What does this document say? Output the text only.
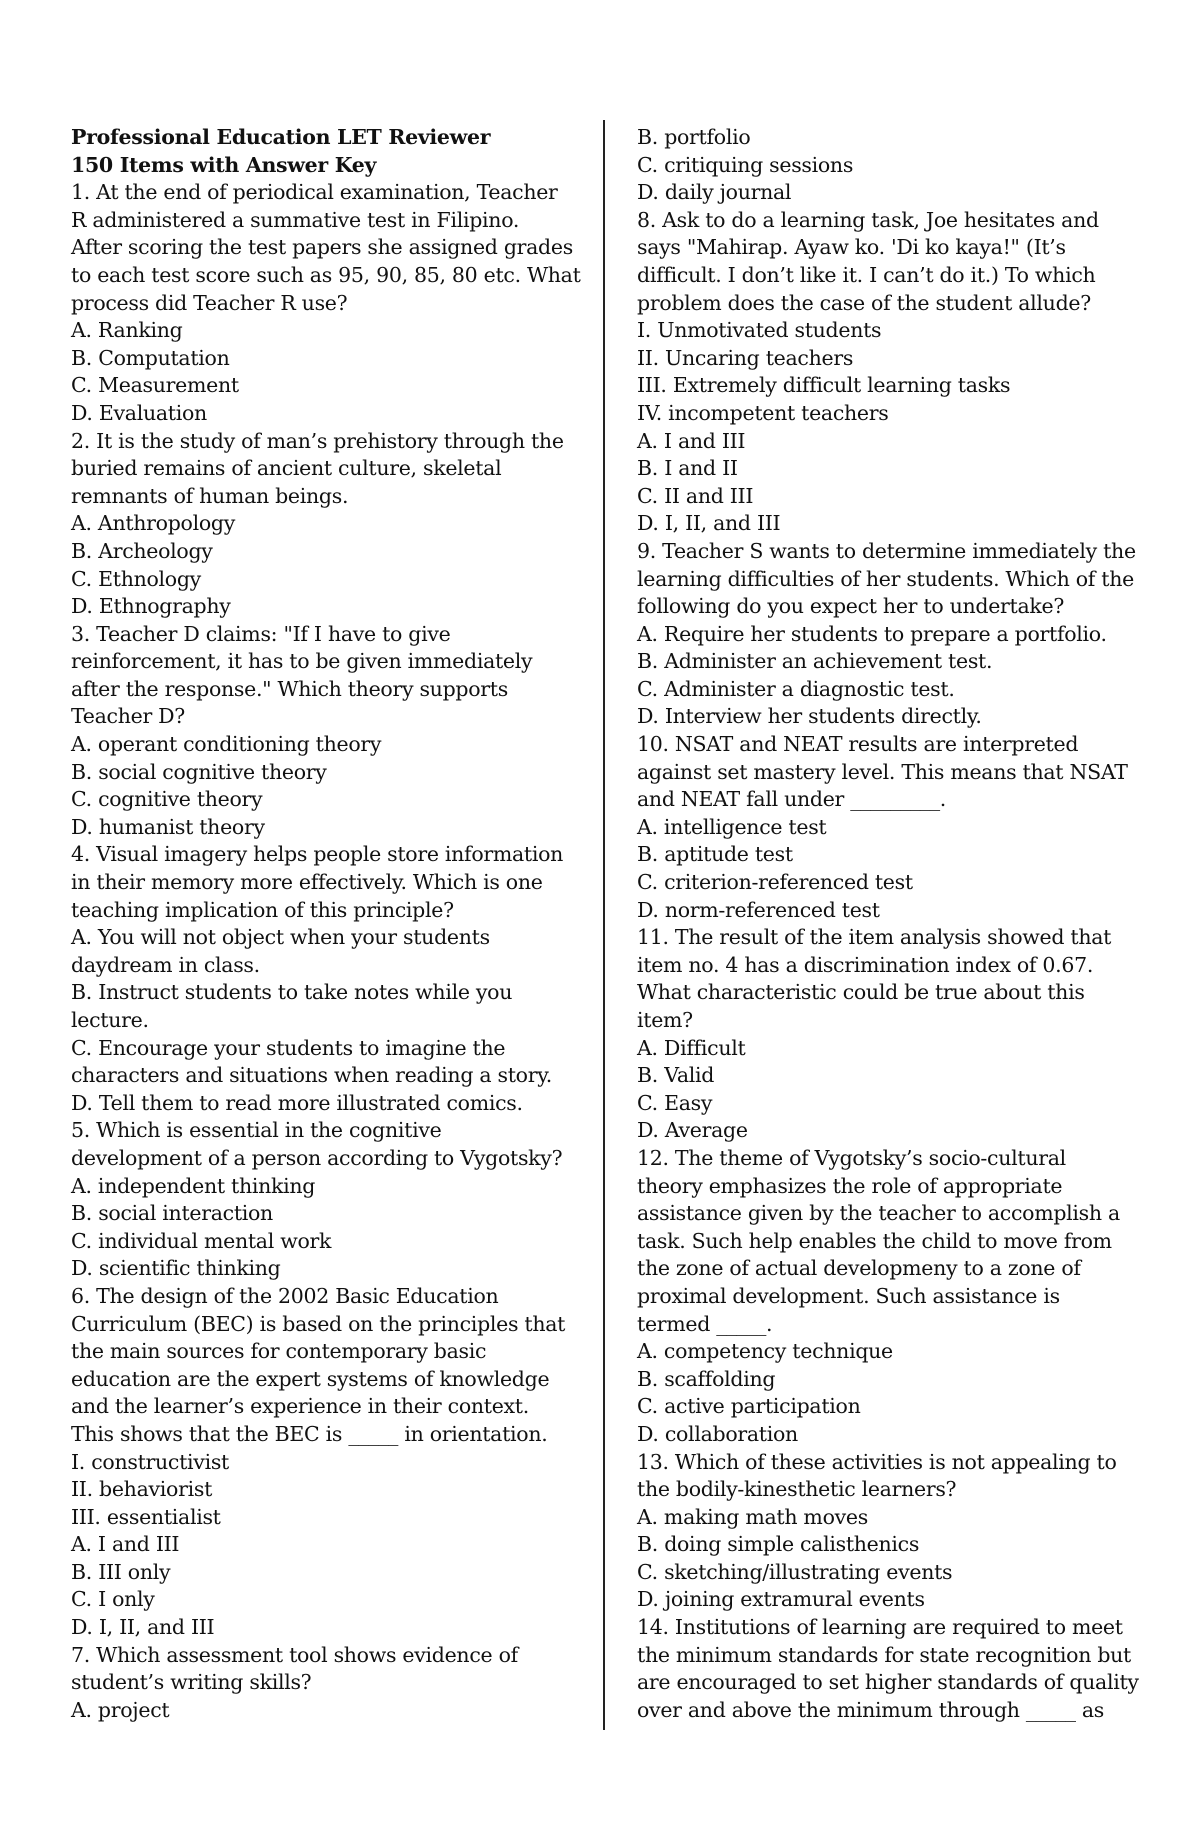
Professional Education LET Reviewer
150 Items with Answer Key
1. At the end of periodical examination, Teacher
R administered a summative test in Filipino.
After scoring the test papers she assigned grades
to each test score such as 95, 90, 85, 80 etc. What
process did Teacher R use?
A. Ranking
B. Computation
C. Measurement
D. Evaluation
2. It is the study of man’s prehistory through the
buried remains of ancient culture, skeletal
remnants of human beings.
A. Anthropology
B. Archeology
C. Ethnology
D. Ethnography
3. Teacher D claims: "If I have to give
reinforcement, it has to be given immediately
after the response." Which theory supports
Teacher D?
A. operant conditioning theory
B. social cognitive theory
C. cognitive theory
D. humanist theory
4. Visual imagery helps people store information
in their memory more effectively. Which is one
teaching implication of this principle?
A. You will not object when your students
daydream in class.
B. Instruct students to take notes while you
lecture.
C. Encourage your students to imagine the
characters and situations when reading a story.
D. Tell them to read more illustrated comics.
5. Which is essential in the cognitive
development of a person according to Vygotsky?
A. independent thinking
B. social interaction
C. individual mental work
D. scientific thinking
6. The design of the 2002 Basic Education
Curriculum (BEC) is based on the principles that
the main sources for contemporary basic
education are the expert systems of knowledge
and the learner’s experience in their context.
This shows that the BEC is _____ in orientation.
I. constructivist
II. behaviorist
III. essentialist
A. I and III
B. III only
C. I only
D. I, II, and III
7. Which assessment tool shows evidence of
student’s writing skills?
A. project
B. portfolio
C. critiquing sessions
D. daily journal
8. Ask to do a learning task, Joe hesitates and
says "Mahirap. Ayaw ko. 'Di ko kaya!" (It’s
difficult. I don’t like it. I can’t do it.) To which
problem does the case of the student allude?
I. Unmotivated students
II. Uncaring teachers
III. Extremely difficult learning tasks
IV. incompetent teachers
A. I and III
B. I and II
C. II and III
D. I, II, and III
9. Teacher S wants to determine immediately the
learning difficulties of her students. Which of the
following do you expect her to undertake?
A. Require her students to prepare a portfolio.
B. Administer an achievement test.
C. Administer a diagnostic test.
D. Interview her students directly.
10. NSAT and NEAT results are interpreted
against set mastery level. This means that NSAT
and NEAT fall under _________.
A. intelligence test
B. aptitude test
C. criterion-referenced test
D. norm-referenced test
11. The result of the item analysis showed that
item no. 4 has a discrimination index of 0.67.
What characteristic could be true about this
item?
A. Difficult
B. Valid
C. Easy
D. Average
12. The theme of Vygotsky’s socio-cultural
theory emphasizes the role of appropriate
assistance given by the teacher to accomplish a
task. Such help enables the child to move from
the zone of actual developmeny to a zone of
proximal development. Such assistance is
termed _____.
A. competency technique
B. scaffolding
C. active participation
D. collaboration
13. Which of these activities is not appealing to
the bodily-kinesthetic learners?
A. making math moves
B. doing simple calisthenics
C. sketching/illustrating events
D. joining extramural events
14. Institutions of learning are required to meet
the minimum standards for state recognition but
are encouraged to set higher standards of quality
over and above the minimum through _____ as
